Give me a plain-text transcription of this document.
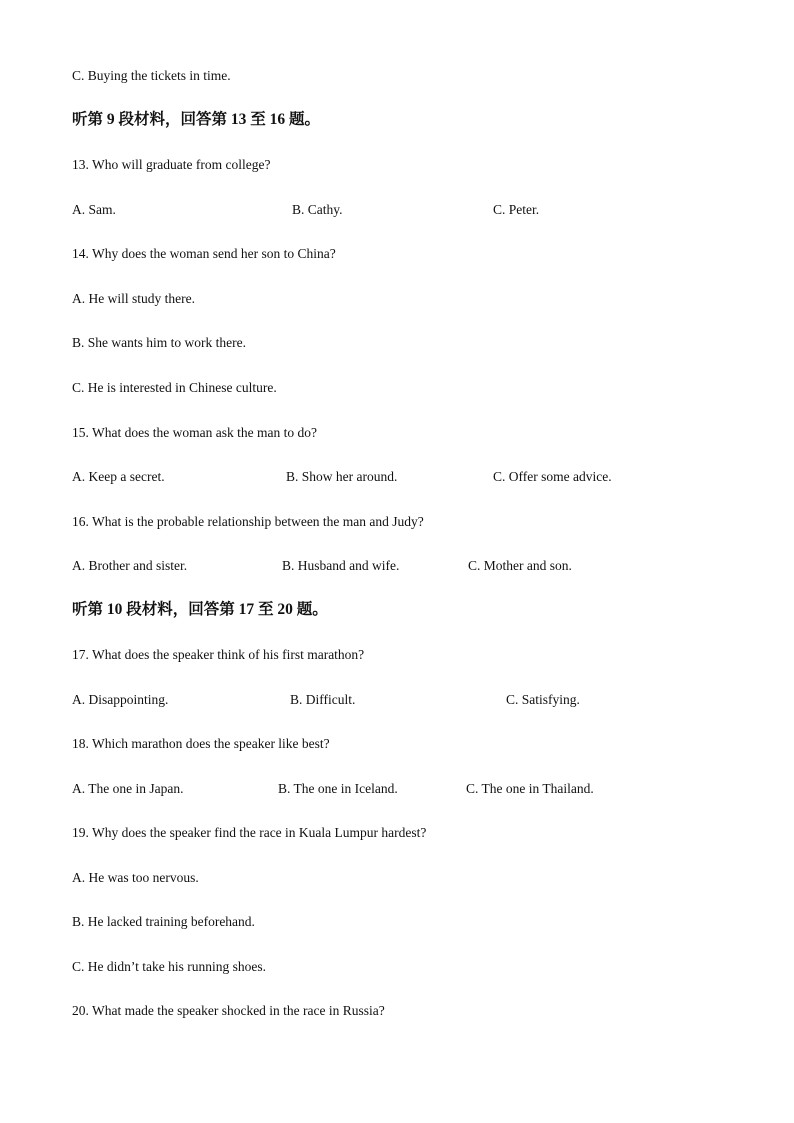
C. Buying the tickets in time.
听第 9 段材料，回答第 13 至 16 题。
13. Who will graduate from college?
A. Sam.	B. Cathy.	C. Peter.
14. Why does the woman send her son to China?
A. He will study there.
B. She wants him to work there.
C. He is interested in Chinese culture.
15. What does the woman ask the man to do?
A. Keep a secret.	B. Show her around.	C. Offer some advice.
16. What is the probable relationship between the man and Judy?
A. Brother and sister.	B. Husband and wife.	C. Mother and son.
听第 10 段材料，回答第 17 至 20 题。
17. What does the speaker think of his first marathon?
A. Disappointing.	B. Difficult.	C. Satisfying.
18. Which marathon does the speaker like best?
A. The one in Japan.	B. The one in Iceland.	C. The one in Thailand.
19. Why does the speaker find the race in Kuala Lumpur hardest?
A. He was too nervous.
B. He lacked training beforehand.
C. He didn’t take his running shoes.
20. What made the speaker shocked in the race in Russia?
